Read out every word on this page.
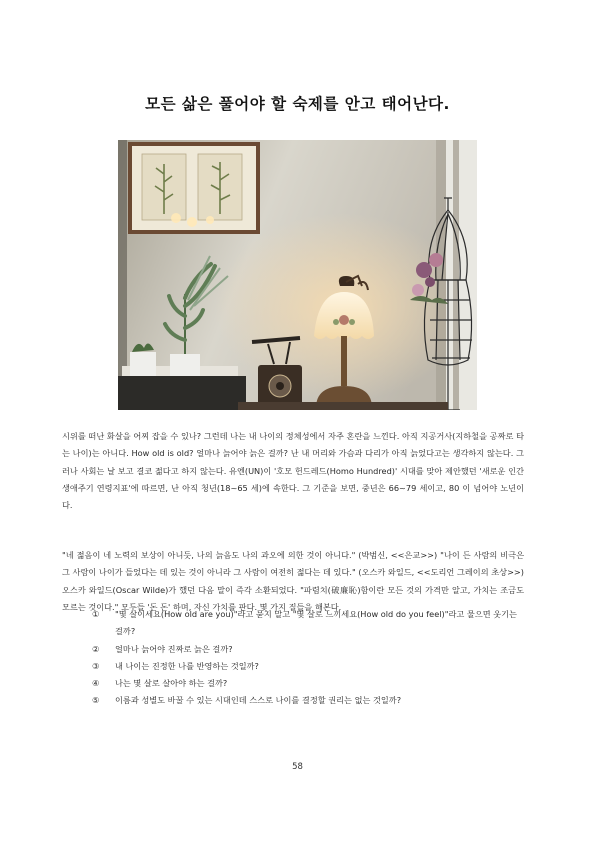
모든 삶은 풀어야 할 숙제를 안고 태어난다.
시위를 떠난 화살을 어찌 잡을 수 있나? 그런데 나는 내 나이의 정체성에서 자주 혼란을 느낀다. 아직 지공거사(지하철을 공짜로 타는 나이)는 아니다. How old is old? 얼마나 늙어야 늙은 걸까? 난 내 머리와 가슴과 다리가 아직 늙었다고는 생각하지 않는다. 그러나 사회는 날 보고 결코 젊다고 하지 않는다. 유엔(UN)이 '호모 헌드레드(Homo Hundred)' 시대를 맞아 제안했던 '새로운 인간 생애주기 연령지표'에 따르면, 난 아직 청년(18~65 세)에 속한다. 그 기준을 보면, 중년은 66~79 세이고, 80 이 넘어야 노년이다.
"네 젊음이 네 노력의 보상이 아니듯, 나의 늙음도 나의 과오에 의한 것이 아니다." (박범신, <<은교>>) "나이 든 사람의 비극은 그 사람이 나이가 들었다는 데 있는 것이 아니라 그 사람이 여전히 젊다는 데 있다." (오스카 와일드, <<도리언 그레이의 초상>>) 오스카 와일드(Oscar Wilde)가 했던 다음 말이 즉각 소환되었다. "파렴치(破廉恥)함이란 모든 것의 가격만 알고, 가치는 조금도 모르는 것이다." 모두들 '돈 돈' 하며, 자신 가치를 판다. 몇 가지 질들을 해본다.
① "몇 살이세요(How old are you)"라고 묻지 말고 "몇 살로 느끼세요(How old do you feel)"라고 물으면 웃기는 걸까?
② 얼마나 늙어야 진짜로 늙은 걸까?
③ 내 나이는 진정한 나를 반영하는 것일까?
④ 나는 몇 살로 살아야 하는 걸까?
⑤ 이름과 성별도 바꿀 수 있는 시대인데 스스로 나이를 결정할 권리는 없는 것일까?
58
